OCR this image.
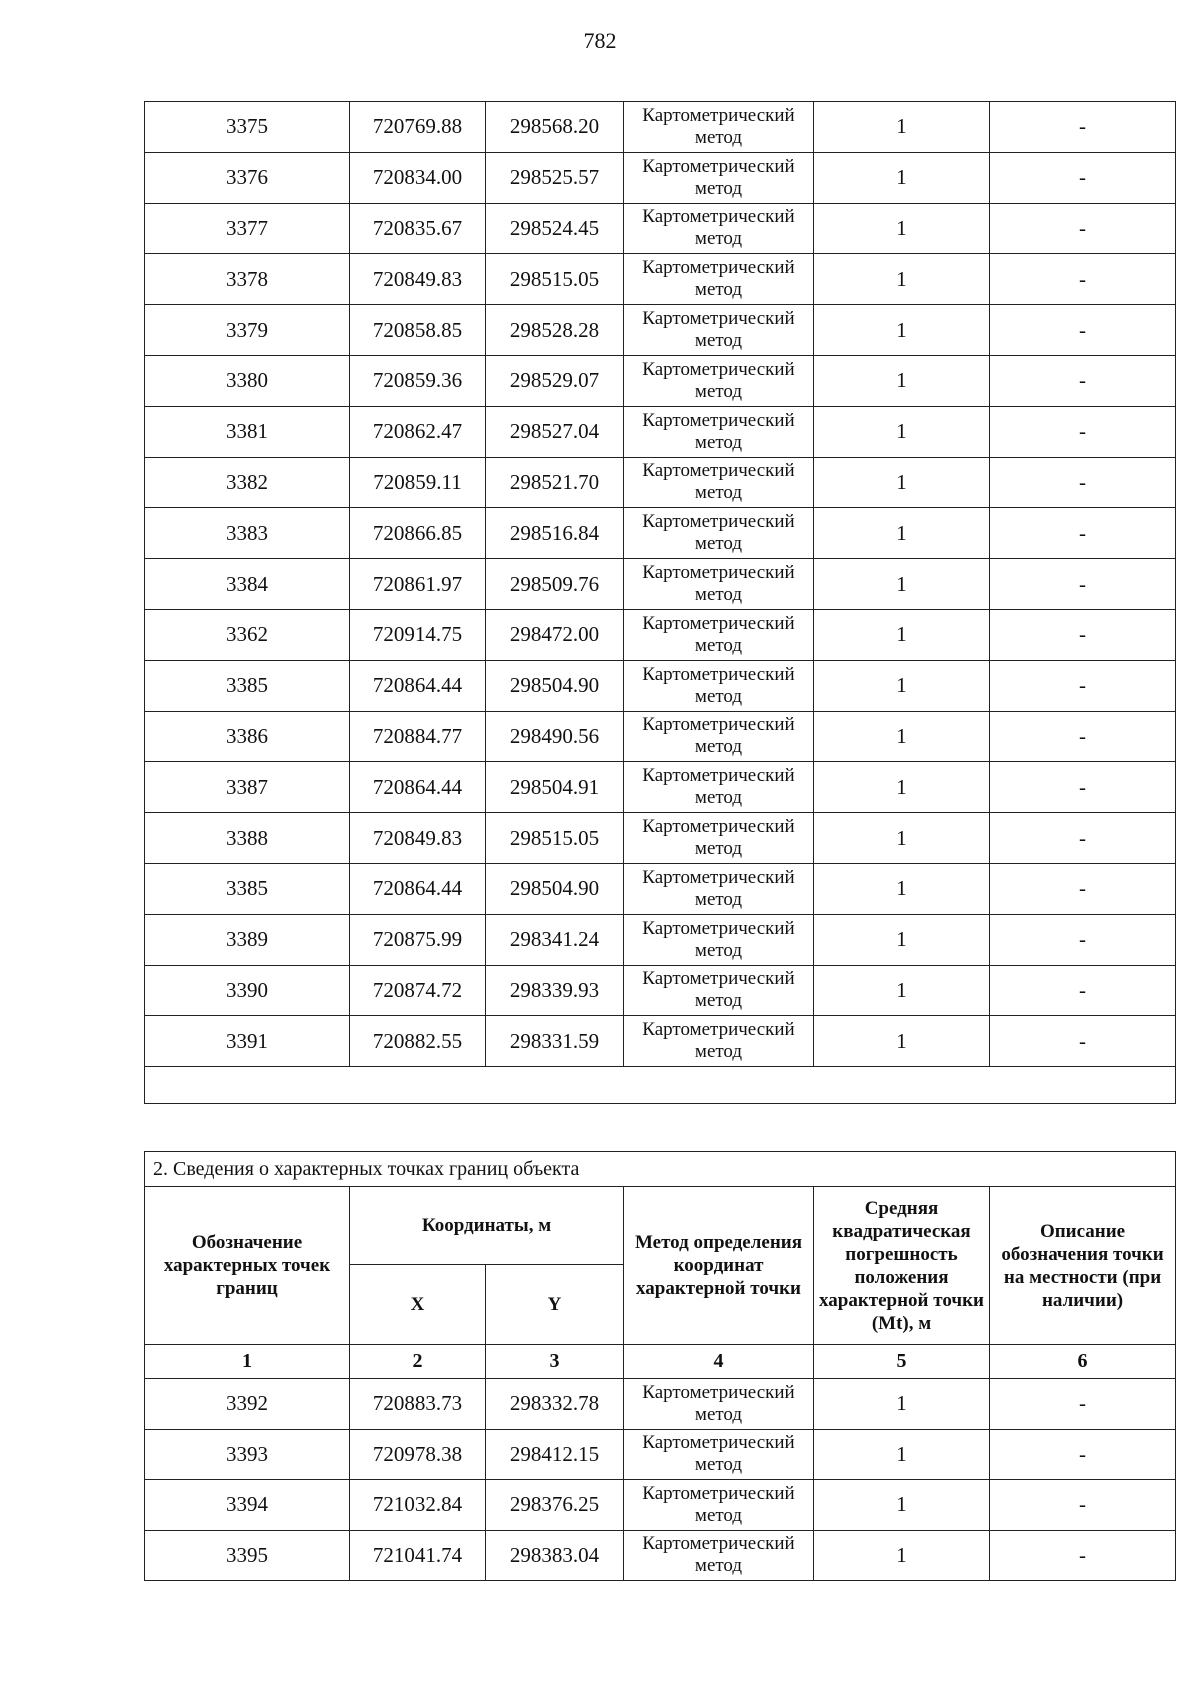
782
3375	720769.88	298568.20	Картометрический метод	1	-
3376	720834.00	298525.57	Картометрический метод	1	-
3377	720835.67	298524.45	Картометрический метод	1	-
3378	720849.83	298515.05	Картометрический метод	1	-
3379	720858.85	298528.28	Картометрический метод	1	-
3380	720859.36	298529.07	Картометрический метод	1	-
3381	720862.47	298527.04	Картометрический метод	1	-
3382	720859.11	298521.70	Картометрический метод	1	-
3383	720866.85	298516.84	Картометрический метод	1	-
3384	720861.97	298509.76	Картометрический метод	1	-
3362	720914.75	298472.00	Картометрический метод	1	-
3385	720864.44	298504.90	Картометрический метод	1	-
3386	720884.77	298490.56	Картометрический метод	1	-
3387	720864.44	298504.91	Картометрический метод	1	-
3388	720849.83	298515.05	Картометрический метод	1	-
3385	720864.44	298504.90	Картометрический метод	1	-
3389	720875.99	298341.24	Картометрический метод	1	-
3390	720874.72	298339.93	Картометрический метод	1	-
3391	720882.55	298331.59	Картометрический метод	1	-

2. Сведения о характерных точках границ объекта					
Обозначение характерных точек границ	Координаты, м		Метод определения координат характерной точки	Средняя квадратическая погрешность положения характерной точки (Mt), м	Описание обозначения точки на местности (при наличии)
	X	Y			
1	2	3	4	5	6
3392	720883.73	298332.78	Картометрический метод	1	-
3393	720978.38	298412.15	Картометрический метод	1	-
3394	721032.84	298376.25	Картометрический метод	1	-
3395	721041.74	298383.04	Картометрический метод	1	-
